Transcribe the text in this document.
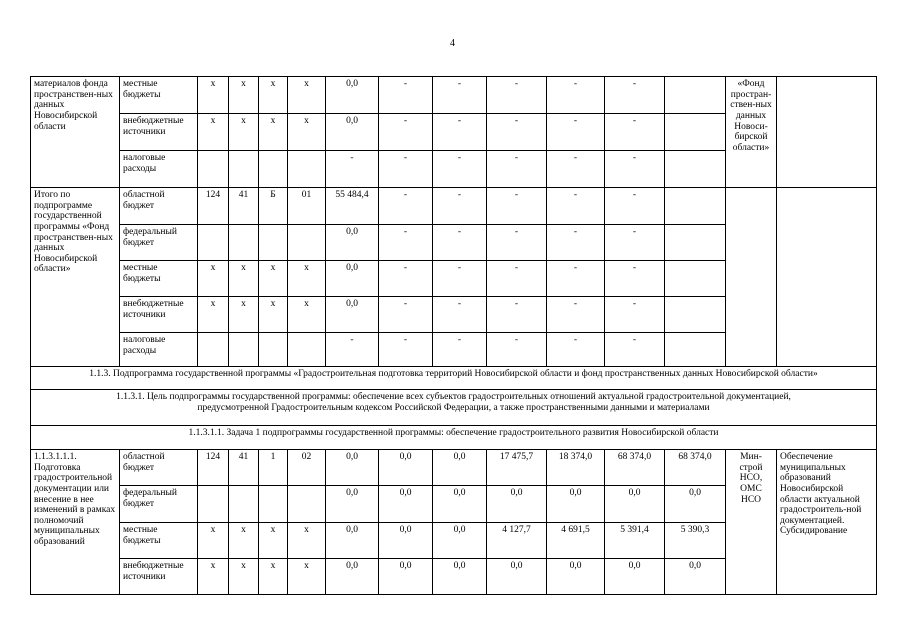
4
материалов фонда пространствен-ных данных Новосибирской области	местные бюджеты	х	х	х	х	0,0	-	-	-	-	-		«Фонд простран-ствен-ных данных Новоси-бирской области»	
	внебюджетные источники	х	х	х	х	0,0	-	-	-	-	-			
	налоговые расходы					-	-	-	-	-	-			
Итого по подпрограмме государственной программы «Фонд пространствен-ных данных Новосибирской области»	областной бюджет	124	41	Б	01	55 484,4	-	-	-	-	-			
	федеральный бюджет					0,0	-	-	-	-	-			
	местные бюджеты	х	х	х	х	0,0	-	-	-	-	-			
	внебюджетные источники	х	х	х	х	0,0	-	-	-	-	-			
	налоговые расходы					-	-	-	-	-	-			
1.1.3. Подпрограмма государственной программы «Градостроительная подготовка территорий Новосибирской области и фонд пространственных данных Новосибирской области»														

1.1.3.1. Цель подпрограммы государственной программы: обеспечение всех субъектов градостроительных отношений актуальной градостроительной документацией,
предусмотренной Градостроительным кодексом Российской Федерации, а также пространственными данными и материалами														

1.1.3.1.1. Задача 1 подпрограммы государственной программы: обеспечение градостроительного развития Новосибирской области														
1.1.3.1.1.1. Подготовка градостроительной документации или внесение в нее изменений в рамках полномочий муниципальных образований	областной бюджет	124	41	1	02	0,0	0,0	0,0	17 475,7	18 374,0	68 374,0	68 374,0	Мин-строй НСО, ОМС НСО	Обеспечение муниципальных образований Новосибирской области актуальной градостроитель-ной документацией. Субсидирование
	федеральный бюджет					0,0	0,0	0,0	0,0	0,0	0,0	0,0		
	местные бюджеты	х	х	х	х	0,0	0,0	0,0	4 127,7	4 691,5	5 391,4	5 390,3		
	внебюджетные источники	х	х	х	х	0,0	0,0	0,0	0,0	0,0	0,0	0,0		
